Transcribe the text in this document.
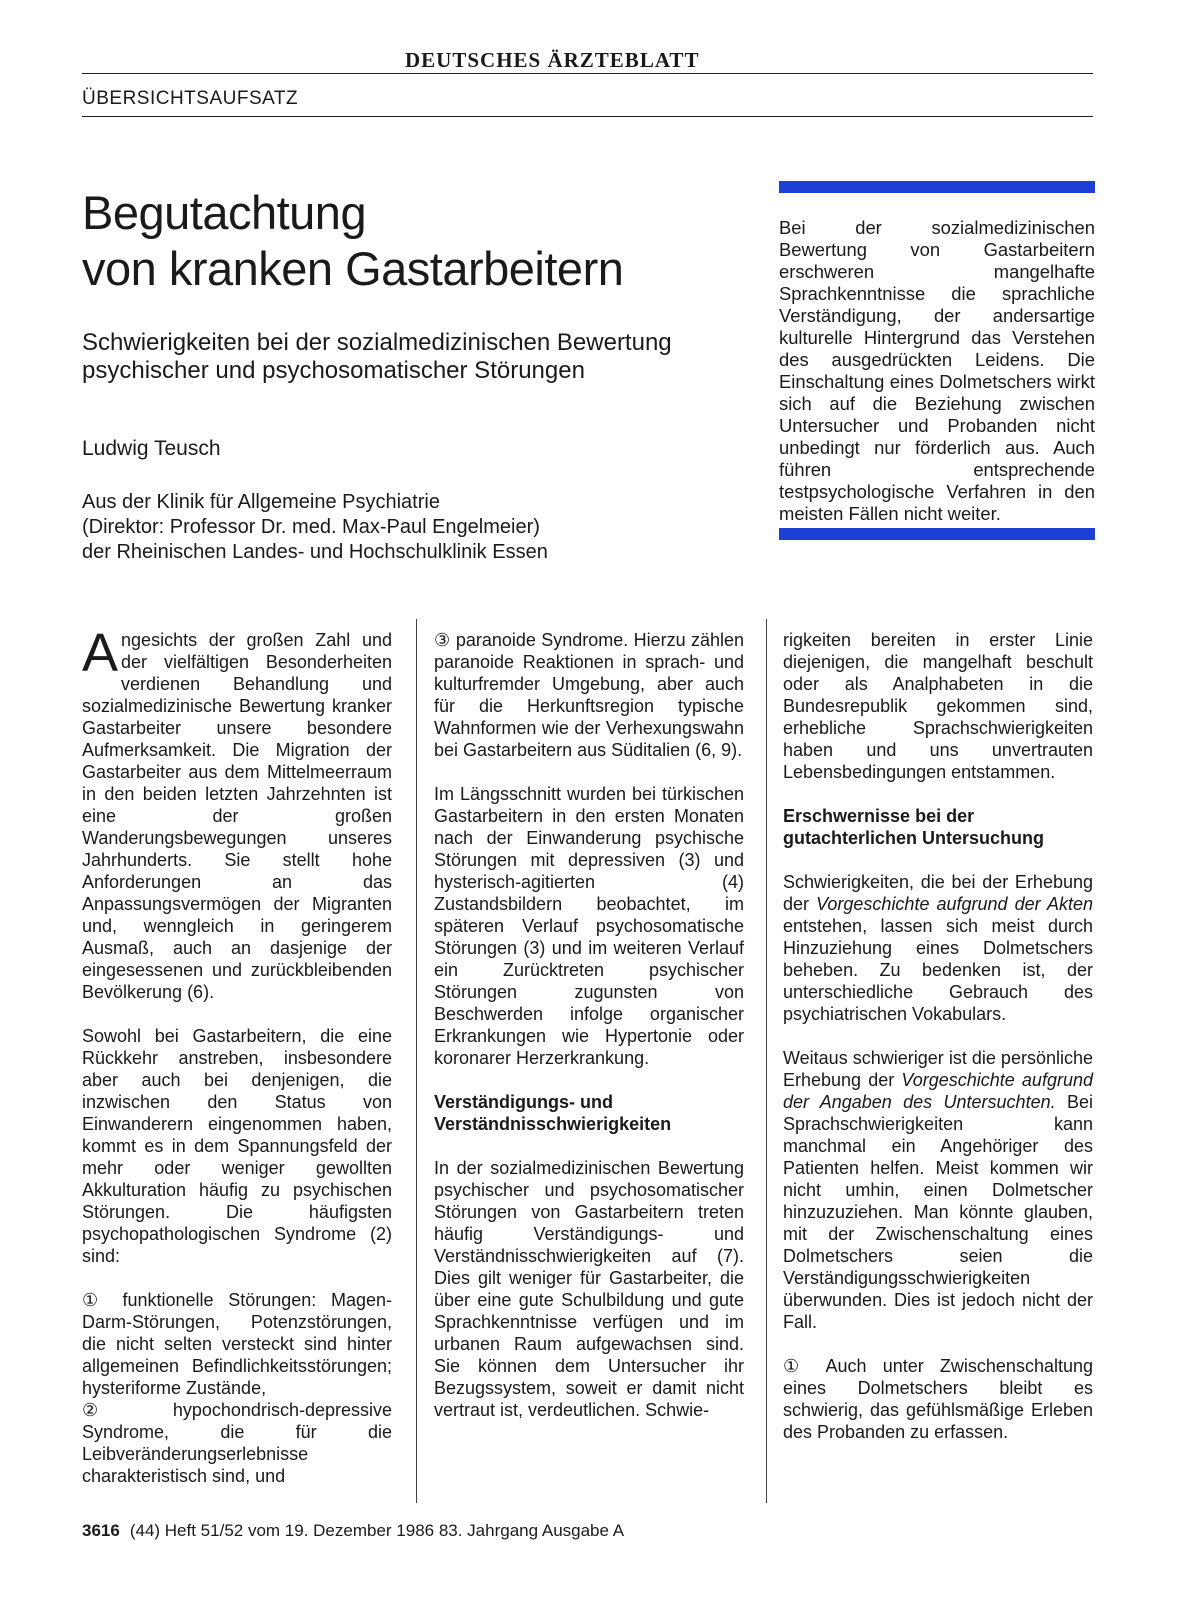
DEUTSCHES ÄRZTEBLATT
ÜBERSICHTSAUFSATZ
Begutachtung
von kranken Gastarbeitern
Schwierigkeiten bei der sozialmedizinischen Bewertung psychischer und psychosomatischer Störungen
Ludwig Teusch
Aus der Klinik für Allgemeine Psychiatrie
(Direktor: Professor Dr. med. Max-Paul Engelmeier)
der Rheinischen Landes- und Hochschulklinik Essen
Bei der sozialmedizinischen Bewertung von Gastarbeitern erschweren mangelhafte Sprachkenntnisse die sprachliche Verständigung, der andersartige kulturelle Hintergrund das Verstehen des ausgedrückten Leidens. Die Einschaltung eines Dolmetschers wirkt sich auf die Beziehung zwischen Untersucher und Probanden nicht unbedingt nur förderlich aus. Auch führen entsprechende testpsychologische Verfahren in den meisten Fällen nicht weiter.

Angesichts der großen Zahl und der vielfältigen Besonderheiten verdienen Behandlung und sozialmedizinische Bewertung kranker Gastarbeiter unsere besondere Aufmerksamkeit. Die Migration der Gastarbeiter aus dem Mittelmeerraum in den beiden letzten Jahrzehnten ist eine der großen Wanderungsbewegungen unseres Jahrhunderts. Sie stellt hohe Anforderungen an das Anpassungsvermögen der Migranten und, wenngleich in geringerem Ausmaß, auch an dasjenige der eingesessenen und zurückbleibenden Bevölkerung (6).

Sowohl bei Gastarbeitern, die eine Rückkehr anstreben, insbesondere aber auch bei denjenigen, die inzwischen den Status von Einwanderern eingenommen haben, kommt es in dem Spannungsfeld der mehr oder weniger gewollten Akkulturation häufig zu psychischen Störungen. Die häufigsten psychopathologischen Syndrome (2) sind:

① funktionelle Störungen: Magen-Darm-Störungen, Potenzstörungen, die nicht selten versteckt sind hinter allgemeinen Befindlichkeitsstörungen; hysteriforme Zustände,

② hypochondrisch-depressive Syndrome, die für die Leibveränderungserlebnisse charakteristisch sind, und

③ paranoide Syndrome. Hierzu zählen paranoide Reaktionen in sprach- und kulturfremder Umgebung, aber auch für die Herkunftsregion typische Wahnformen wie der Verhexungswahn bei Gastarbeitern aus Süditalien (6, 9).

Im Längsschnitt wurden bei türkischen Gastarbeitern in den ersten Monaten nach der Einwanderung psychische Störungen mit depressiven (3) und hysterisch-agitierten (4) Zustandsbildern beobachtet, im späteren Verlauf psychosomatische Störungen (3) und im weiteren Verlauf ein Zurücktreten psychischer Störungen zugunsten von Beschwerden infolge organischer Erkrankungen wie Hypertonie oder koronarer Herzerkrankung.

Verständigungs- und Verständnisschwierigkeiten

In der sozialmedizinischen Bewertung psychischer und psychosomatischer Störungen von Gastarbeitern treten häufig Verständigungs- und Verständnisschwierigkeiten auf (7). Dies gilt weniger für Gastarbeiter, die über eine gute Schulbildung und gute Sprachkenntnisse verfügen und im urbanen Raum aufgewachsen sind. Sie können dem Untersucher ihr Bezugssystem, soweit er damit nicht vertraut ist, verdeutlichen. Schwie-

rigkeiten bereiten in erster Linie diejenigen, die mangelhaft beschult oder als Analphabeten in die Bundesrepublik gekommen sind, erhebliche Sprachschwierigkeiten haben und uns unvertrauten Lebensbedingungen entstammen.

Erschwernisse bei der gutachterlichen Untersuchung

Schwierigkeiten, die bei der Erhebung der Vorgeschichte aufgrund der Akten entstehen, lassen sich meist durch Hinzuziehung eines Dolmetschers beheben. Zu bedenken ist, der unterschiedliche Gebrauch des psychiatrischen Vokabulars.

Weitaus schwieriger ist die persönliche Erhebung der Vorgeschichte aufgrund der Angaben des Untersuchten. Bei Sprachschwierigkeiten kann manchmal ein Angehöriger des Patienten helfen. Meist kommen wir nicht umhin, einen Dolmetscher hinzuzuziehen. Man könnte glauben, mit der Zwischenschaltung eines Dolmetschers seien die Verständigungsschwierigkeiten überwunden. Dies ist jedoch nicht der Fall.

① Auch unter Zwischenschaltung eines Dolmetschers bleibt es schwierig, das gefühlsmäßige Erleben des Probanden zu erfassen.

3616 (44) Heft 51/52 vom 19. Dezember 1986 83. Jahrgang Ausgabe A
